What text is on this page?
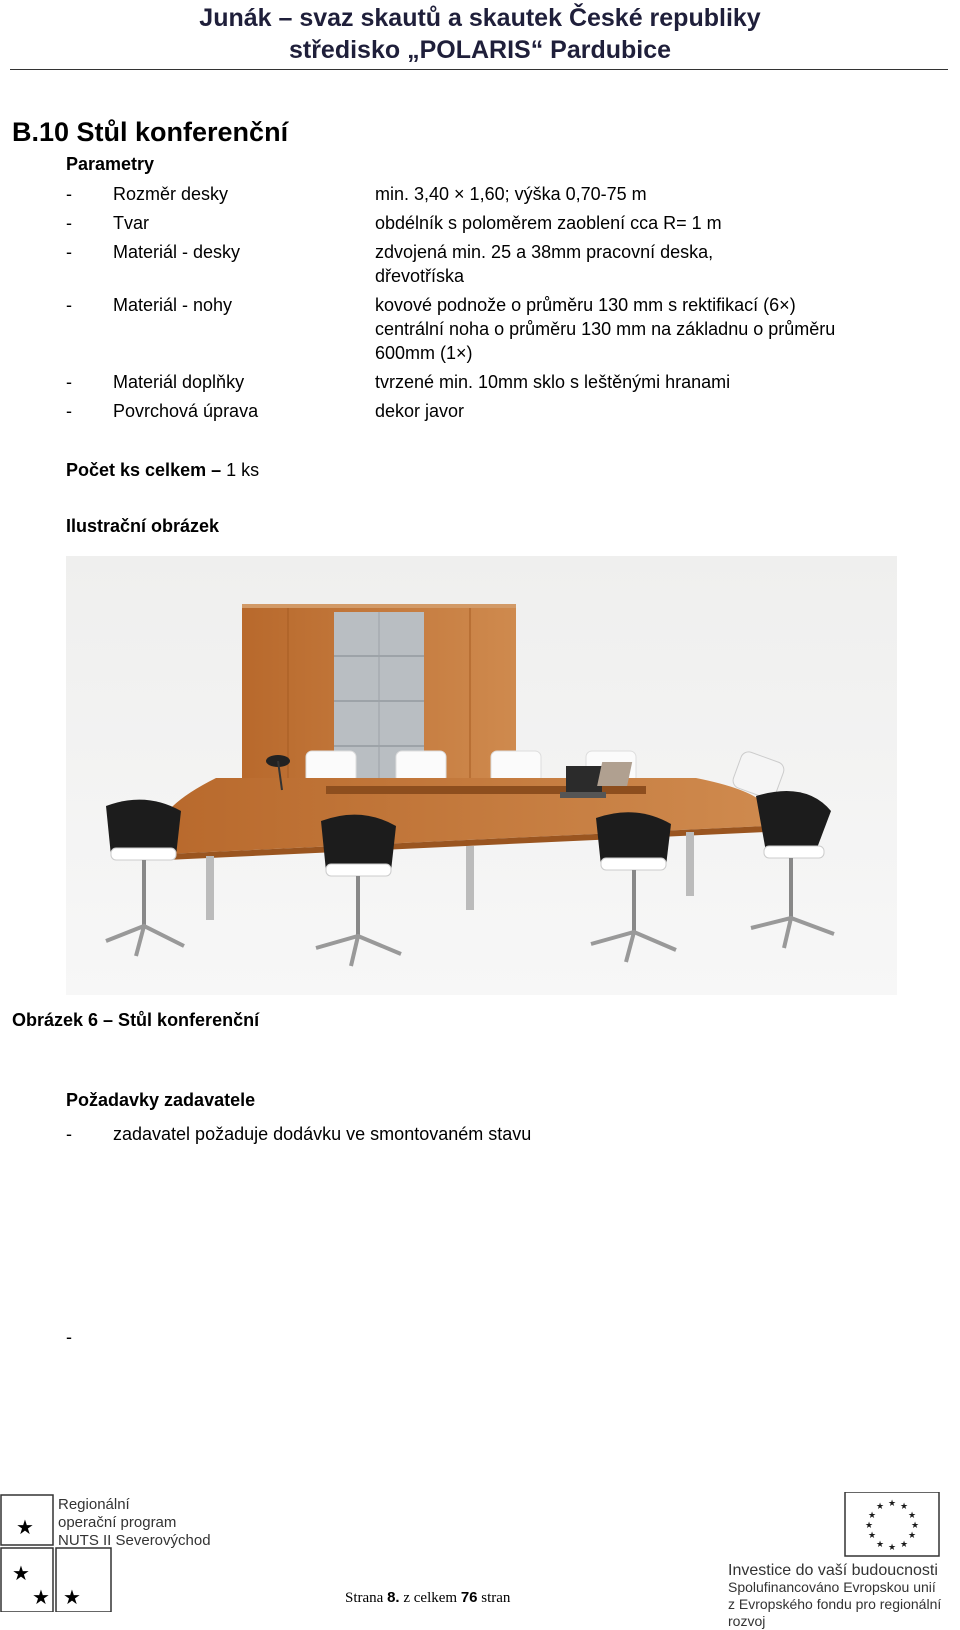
Junák – svaz skautů a skautek České republiky
středisko „POLARIS“ Pardubice
B.10 Stůl konferenční
Parametry
- Rozměr desky	min. 3,40 × 1,60; výška 0,70-75 m
- Tvar	obdélník s poloměrem zaoblení cca R= 1 m
- Materiál - desky	zdvojená min. 25 a 38mm pracovní deska,
dřevotříska
- Materiál - nohy	kovové podnože o průměru 130 mm s rektifikací (6×)
centrální noha o průměru 130 mm na základnu o průměru
600mm (1×)
- Materiál doplňky	tvrzené min. 10mm sklo s leštěnými hranami
- Povrchová úprava	dekor javor
Počet ks celkem – 1 ks
Ilustrační obrázek
Obrázek 6 – Stůl konferenční
Požadavky zadavatele
- zadavatel požaduje dodávku ve smontovaném stavu
-
★
★
★ ★
Regionální
operační program
NUTS II Severovýchod
Strana 8. z celkem 76 stran
★ ★
★
★
★
★
★
★
★
★
★
★
Investice do vaší budoucnosti
Spolufinancováno Evropskou unií
z Evropského fondu pro regionální rozvoj
